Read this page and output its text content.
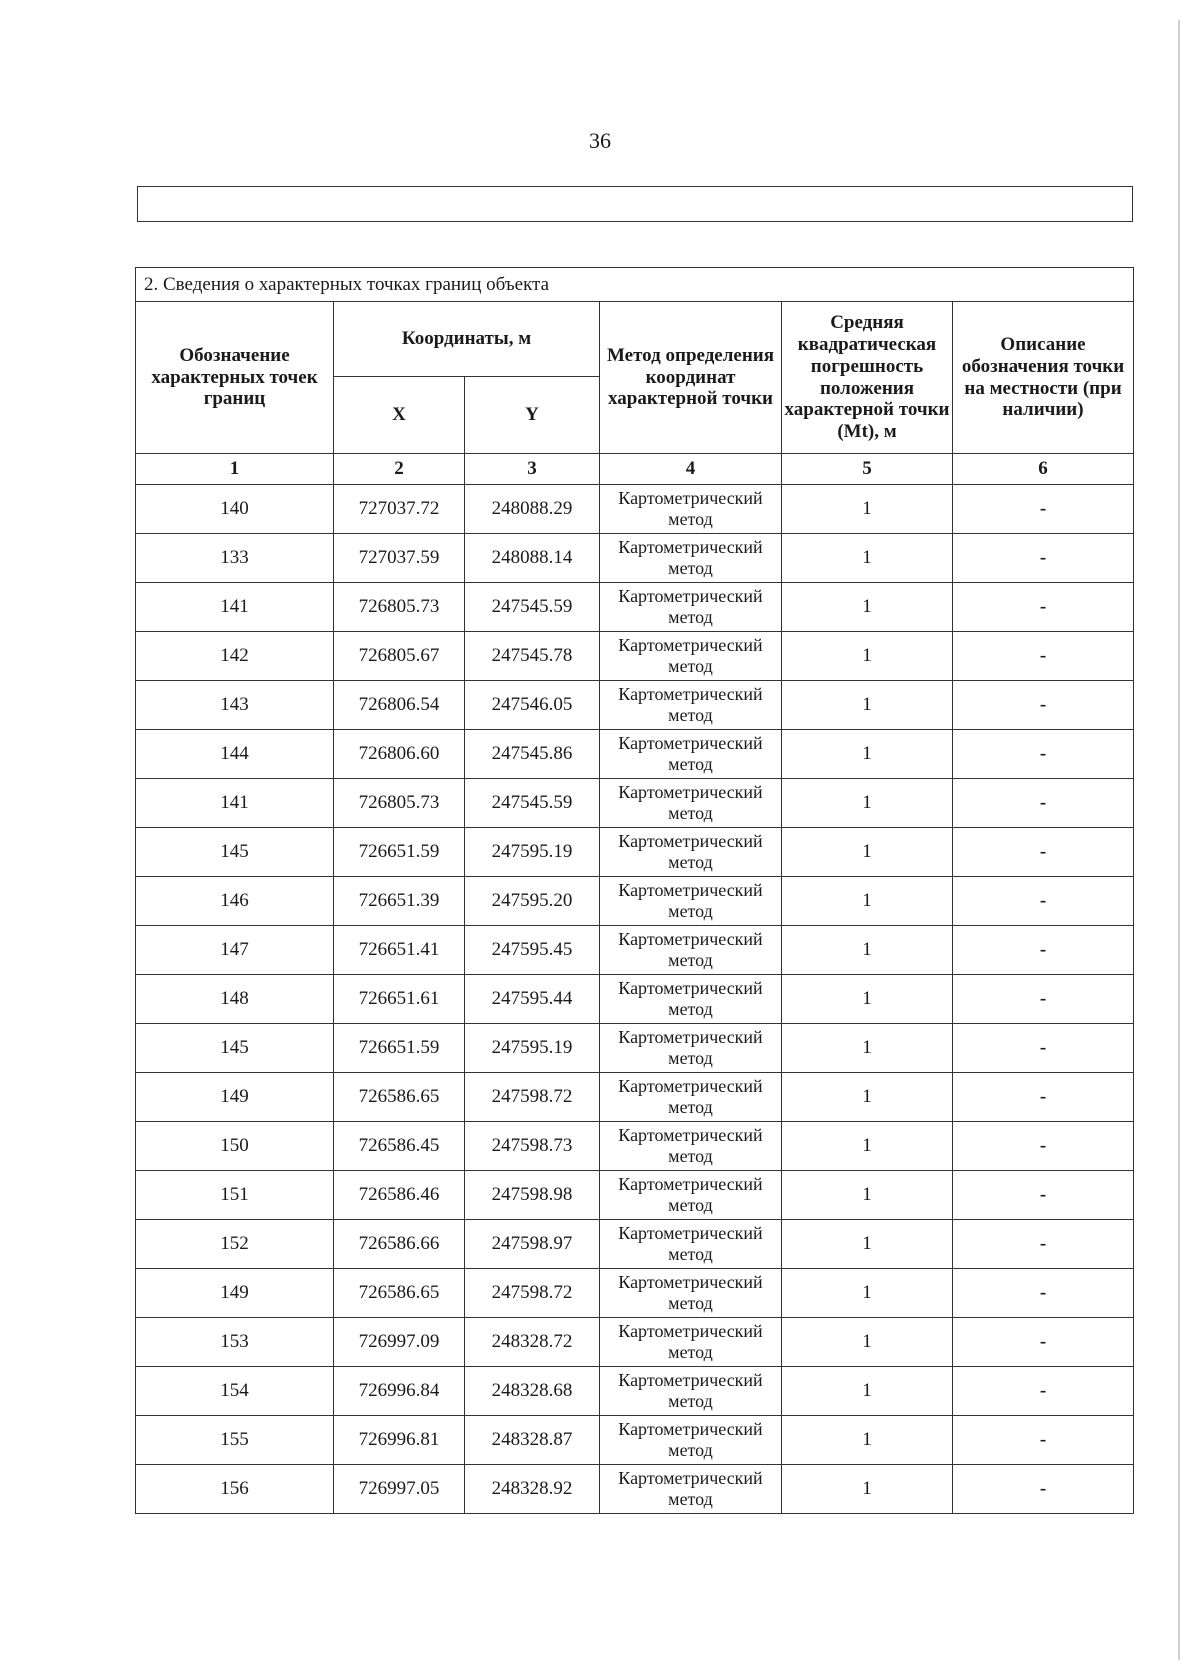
36
2. Сведения о характерных точках границ объекта					
Обозначение характерных точек границ	Координаты, м		Метод определения координат характерной точки	Средняя квадратическая погрешность положения характерной точки (Mt), м	Описание обозначения точки на местности (при наличии)
	X	Y			
1	2	3	4	5	6
140	727037.72	248088.29	Картометрический метод	1	-
133	727037.59	248088.14	Картометрический метод	1	-
141	726805.73	247545.59	Картометрический метод	1	-
142	726805.67	247545.78	Картометрический метод	1	-
143	726806.54	247546.05	Картометрический метод	1	-
144	726806.60	247545.86	Картометрический метод	1	-
141	726805.73	247545.59	Картометрический метод	1	-
145	726651.59	247595.19	Картометрический метод	1	-
146	726651.39	247595.20	Картометрический метод	1	-
147	726651.41	247595.45	Картометрический метод	1	-
148	726651.61	247595.44	Картометрический метод	1	-
145	726651.59	247595.19	Картометрический метод	1	-
149	726586.65	247598.72	Картометрический метод	1	-
150	726586.45	247598.73	Картометрический метод	1	-
151	726586.46	247598.98	Картометрический метод	1	-
152	726586.66	247598.97	Картометрический метод	1	-
149	726586.65	247598.72	Картометрический метод	1	-
153	726997.09	248328.72	Картометрический метод	1	-
154	726996.84	248328.68	Картометрический метод	1	-
155	726996.81	248328.87	Картометрический метод	1	-
156	726997.05	248328.92	Картометрический метод	1	-
